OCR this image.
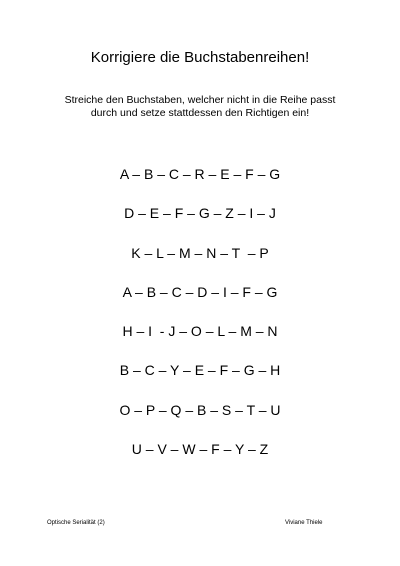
Korrigiere die Buchstabenreihen!
Streiche den Buchstaben, welcher nicht in die Reihe passt
durch und setze stattdessen den Richtigen ein!
A – B – C – R – E – F – G
D – E – F – G – Z – I – J
K – L – M – N – T  – P
A – B – C – D – I – F – G
H – I  - J – O – L – M – N
B – C – Y – E – F – G – H
O – P – Q – B – S – T – U
U – V – W – F – Y – Z
Optische Serialität (2)	Viviane Thiele
